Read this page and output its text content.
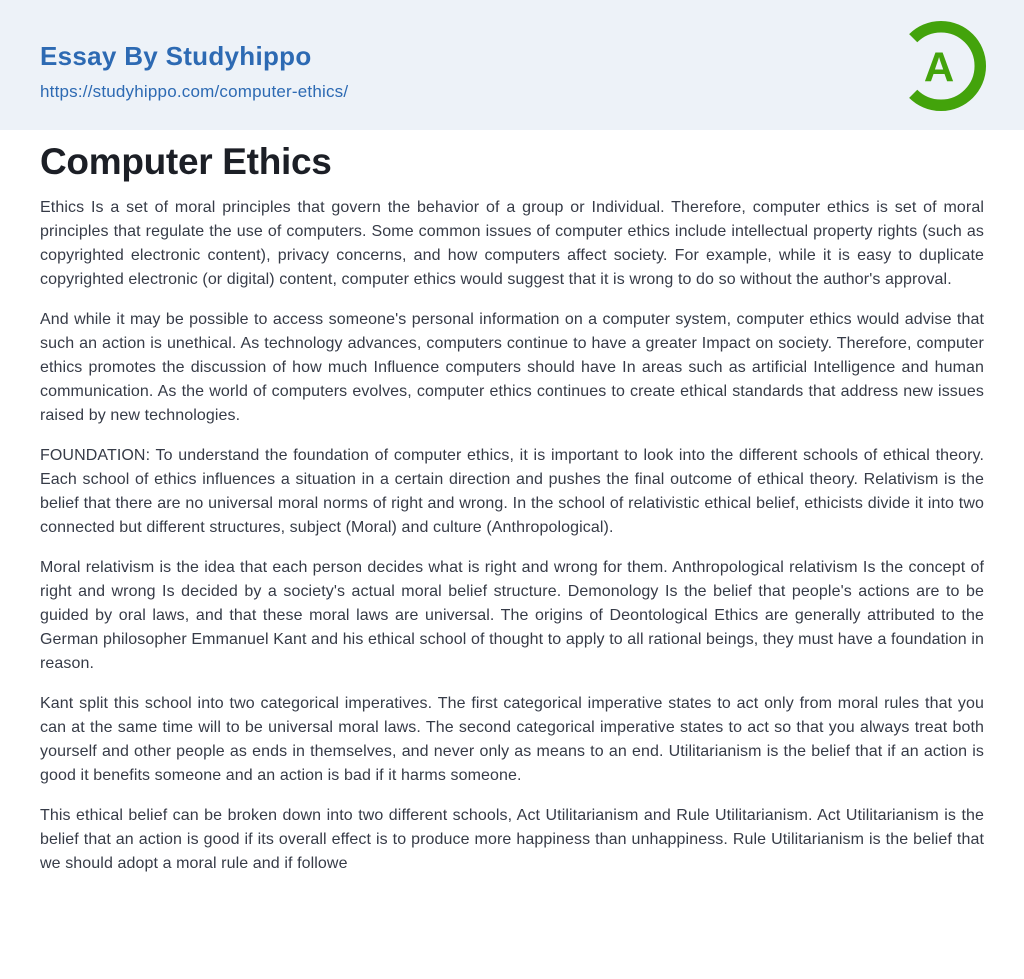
Essay By Studyhippo
https://studyhippo.com/computer-ethics/
A
Computer Ethics

Ethics Is a set of moral principles that govern the behavior of a group or Individual. Therefore, computer ethics is set of moral principles that regulate the use of computers. Some common issues of computer ethics include intellectual property rights (such as copyrighted electronic content), privacy concerns, and how computers affect society. For example, while it is easy to duplicate copyrighted electronic (or digital) content, computer ethics would suggest that it is wrong to do so without the author's approval.

And while it may be possible to access someone's personal information on a computer system, computer ethics would advise that such an action is unethical. As technology advances, computers continue to have a greater Impact on society. Therefore, computer ethics promotes the discussion of how much Influence computers should have In areas such as artificial Intelligence and human communication. As the world of computers evolves, computer ethics continues to create ethical standards that address new issues raised by new technologies.

FOUNDATION: To understand the foundation of computer ethics, it is important to look into the different schools of ethical theory. Each school of ethics influences a situation in a certain direction and pushes the final outcome of ethical theory. Relativism is the belief that there are no universal moral norms of right and wrong. In the school of relativistic ethical belief, ethicists divide it into two connected but different structures, subject (Moral) and culture (Anthropological).

Moral relativism is the idea that each person decides what is right and wrong for them. Anthropological relativism Is the concept of right and wrong Is decided by a society's actual moral belief structure. Demonology Is the belief that people's actions are to be guided by oral laws, and that these moral laws are universal. The origins of Deontological Ethics are generally attributed to the German philosopher Emmanuel Kant and his ethical school of thought to apply to all rational beings, they must have a foundation in reason.

Kant split this school into two categorical imperatives. The first categorical imperative states to act only from moral rules that you can at the same time will to be universal moral laws. The second categorical imperative states to act so that you always treat both yourself and other people as ends in themselves, and never only as means to an end. Utilitarianism is the belief that if an action is good it benefits someone and an action is bad if it harms someone.

This ethical belief can be broken down into two different schools, Act Utilitarianism and Rule Utilitarianism. Act Utilitarianism is the belief that an action is good if its overall effect is to produce more happiness than unhappiness. Rule Utilitarianism is the belief that we should adopt a moral rule and if followe
